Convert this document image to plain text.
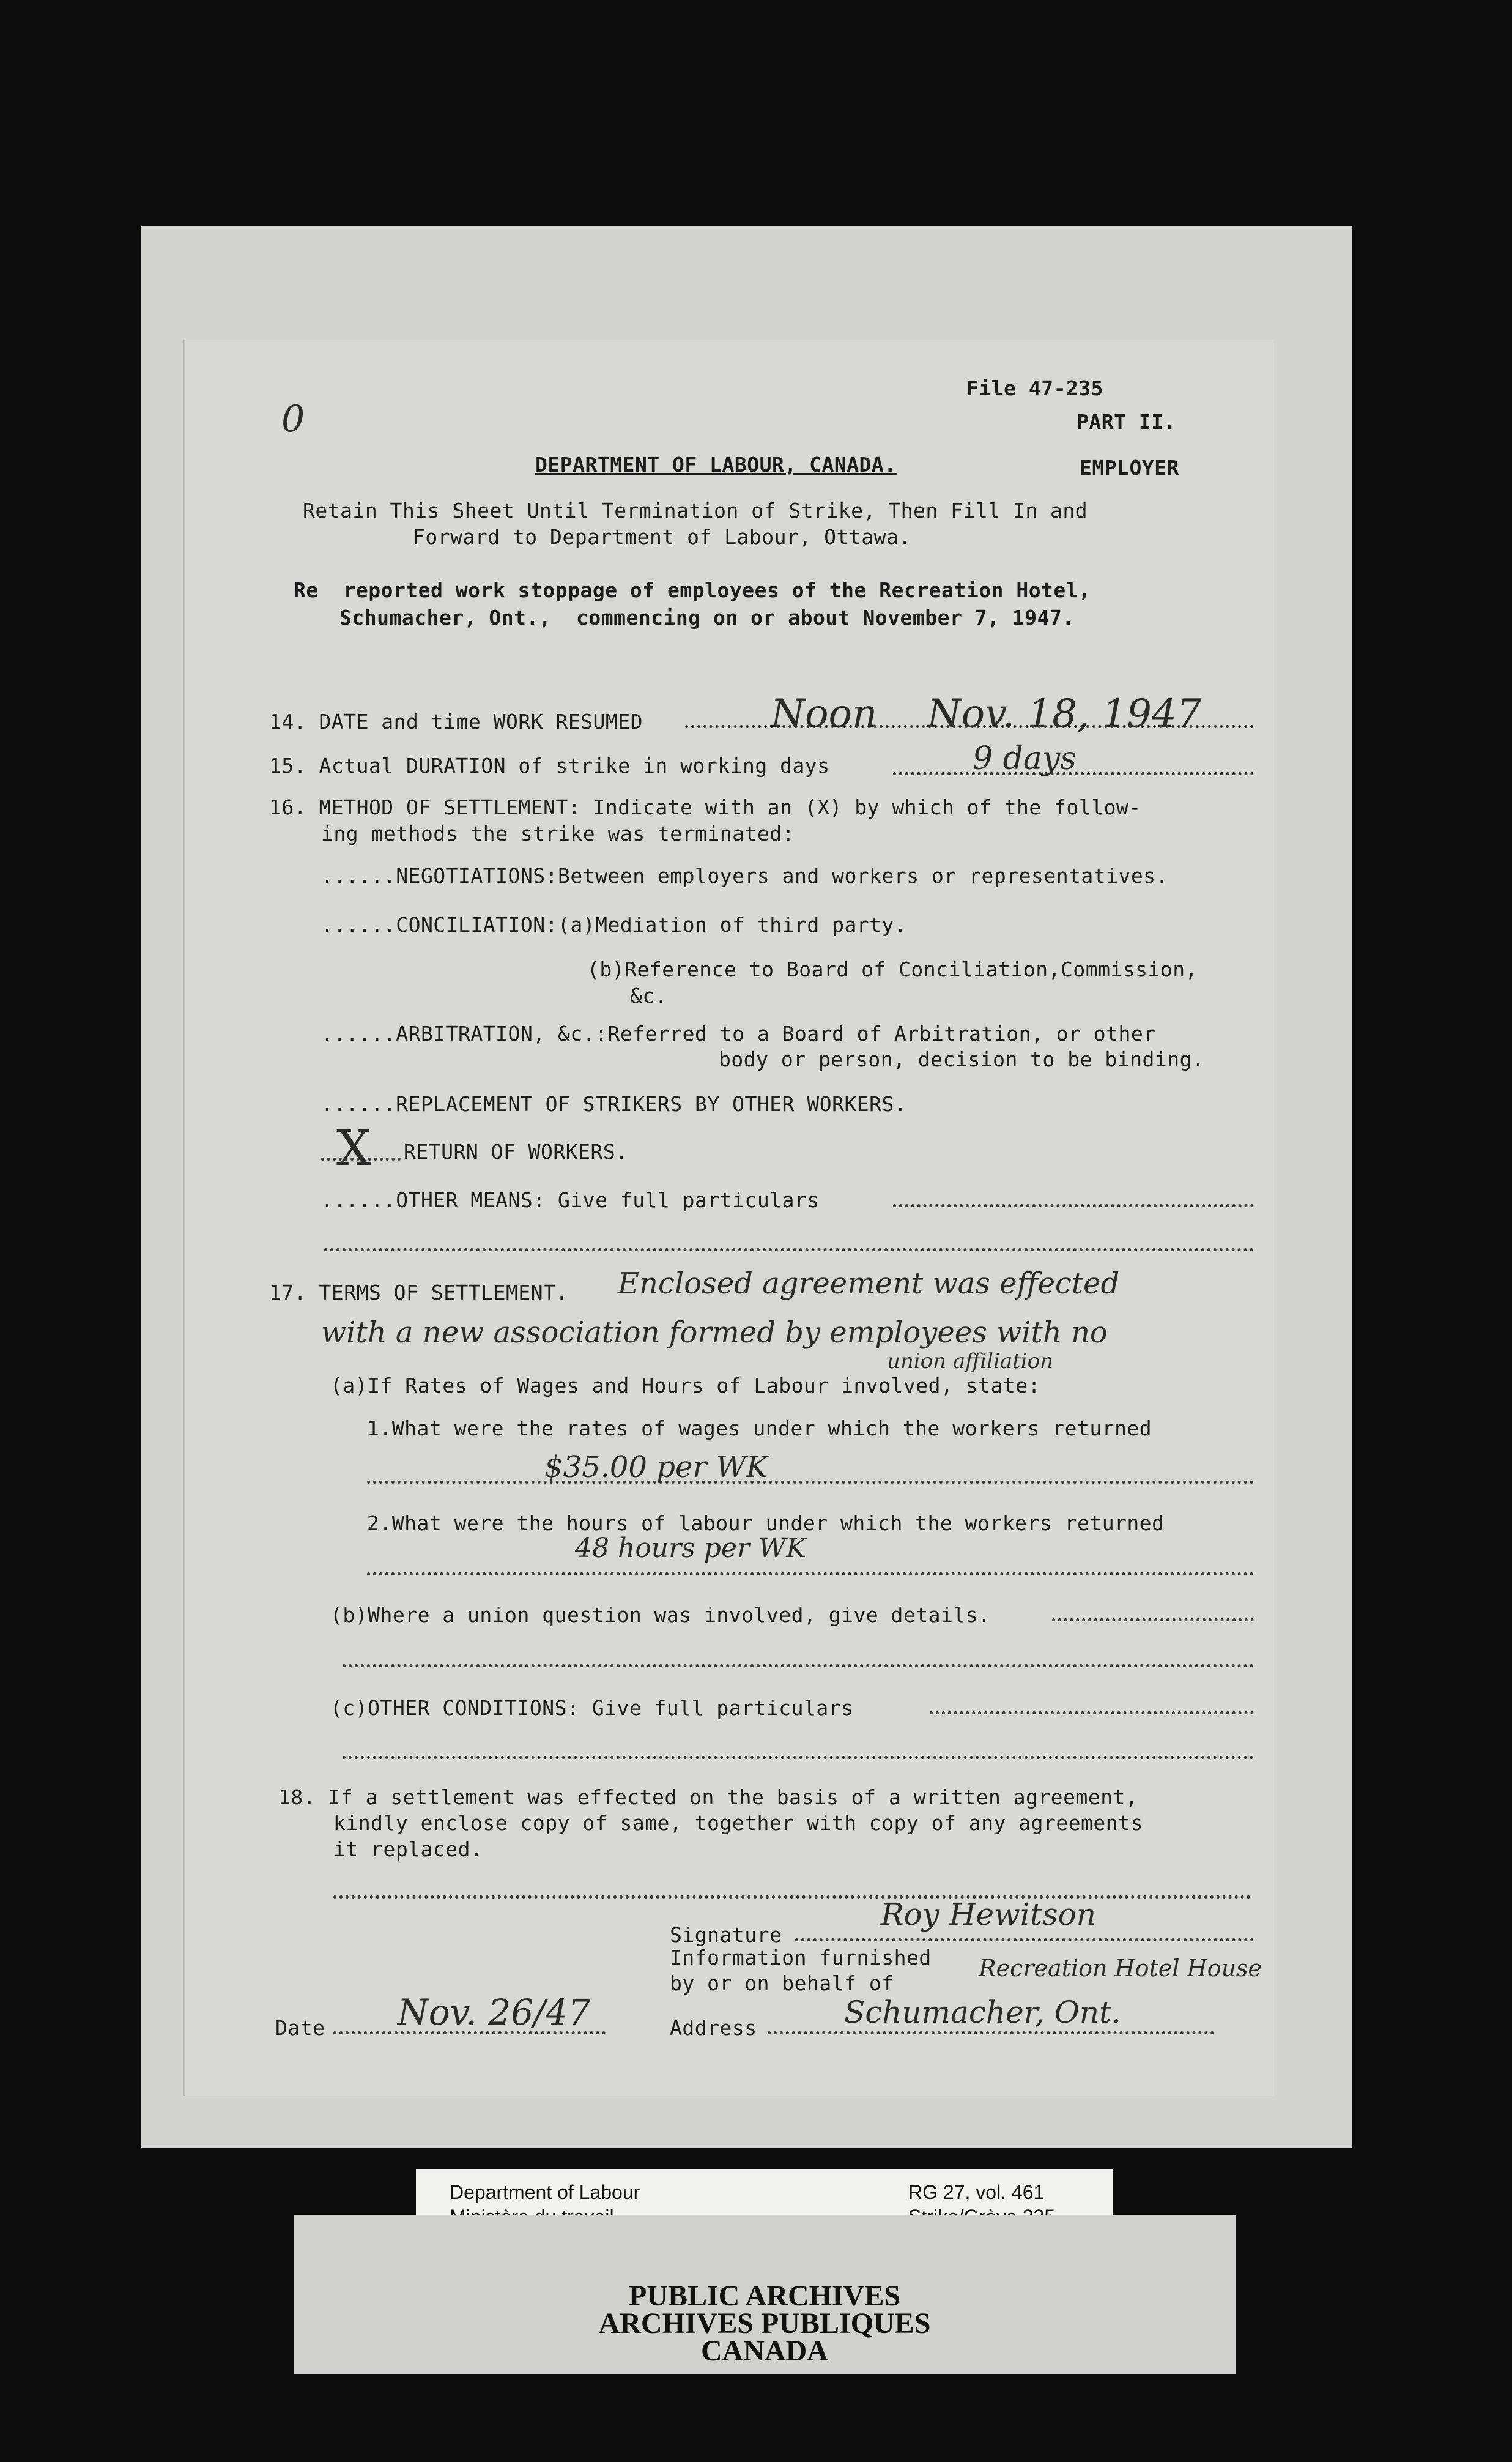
0
File 47-235
PART II.
DEPARTMENT OF LABOUR, CANADA.	EMPLOYER
Retain This Sheet Until Termination of Strike, Then Fill In and
Forward to Department of Labour, Ottawa.
Re  reported work stoppage of employees of the Recreation Hotel,
Schumacher, Ont.,  commencing on or about November 7, 1947.
14. DATE and time WORK RESUMED	Noon    Nov. 18, 1947
15. Actual DURATION of strike in working days	9 days
16. METHOD OF SETTLEMENT: Indicate with an (X) by which of the follow-
ing methods the strike was terminated:
......NEGOTIATIONS:Between employers and workers or representatives.
......CONCILIATION:(a)Mediation of third party.
(b)Reference to Board of Conciliation,Commission,
&c.
......ARBITRATION, &c.:Referred to a Board of Arbitration, or other
body or person, decision to be binding.
......REPLACEMENT OF STRIKERS BY OTHER WORKERS.
X RETURN OF WORKERS.
......OTHER MEANS: Give full particulars
17. TERMS OF SETTLEMENT. Enclosed agreement was effected
with a new association formed by employees with no
union affiliation
(a)If Rates of Wages and Hours of Labour involved, state:
1.What were the rates of wages under which the workers returned
$35.00 per WK
2.What were the hours of labour under which the workers returned
48 hours per WK
(b)Where a union question was involved, give details.
(c)OTHER CONDITIONS: Give full particulars
18. If a settlement was effected on the basis of a written agreement,
kindly enclose copy of same, together with copy of any agreements
it replaced.
Signature
Roy Hewitson
Information furnished
by or on behalf of
Recreation Hotel House
Date Nov. 26/47	Address	Schumacher, Ont.
Department of Labour	RG 27, vol. 461
PUBLIC ARCHIVES
ARCHIVES PUBLIQUES
CANADA
